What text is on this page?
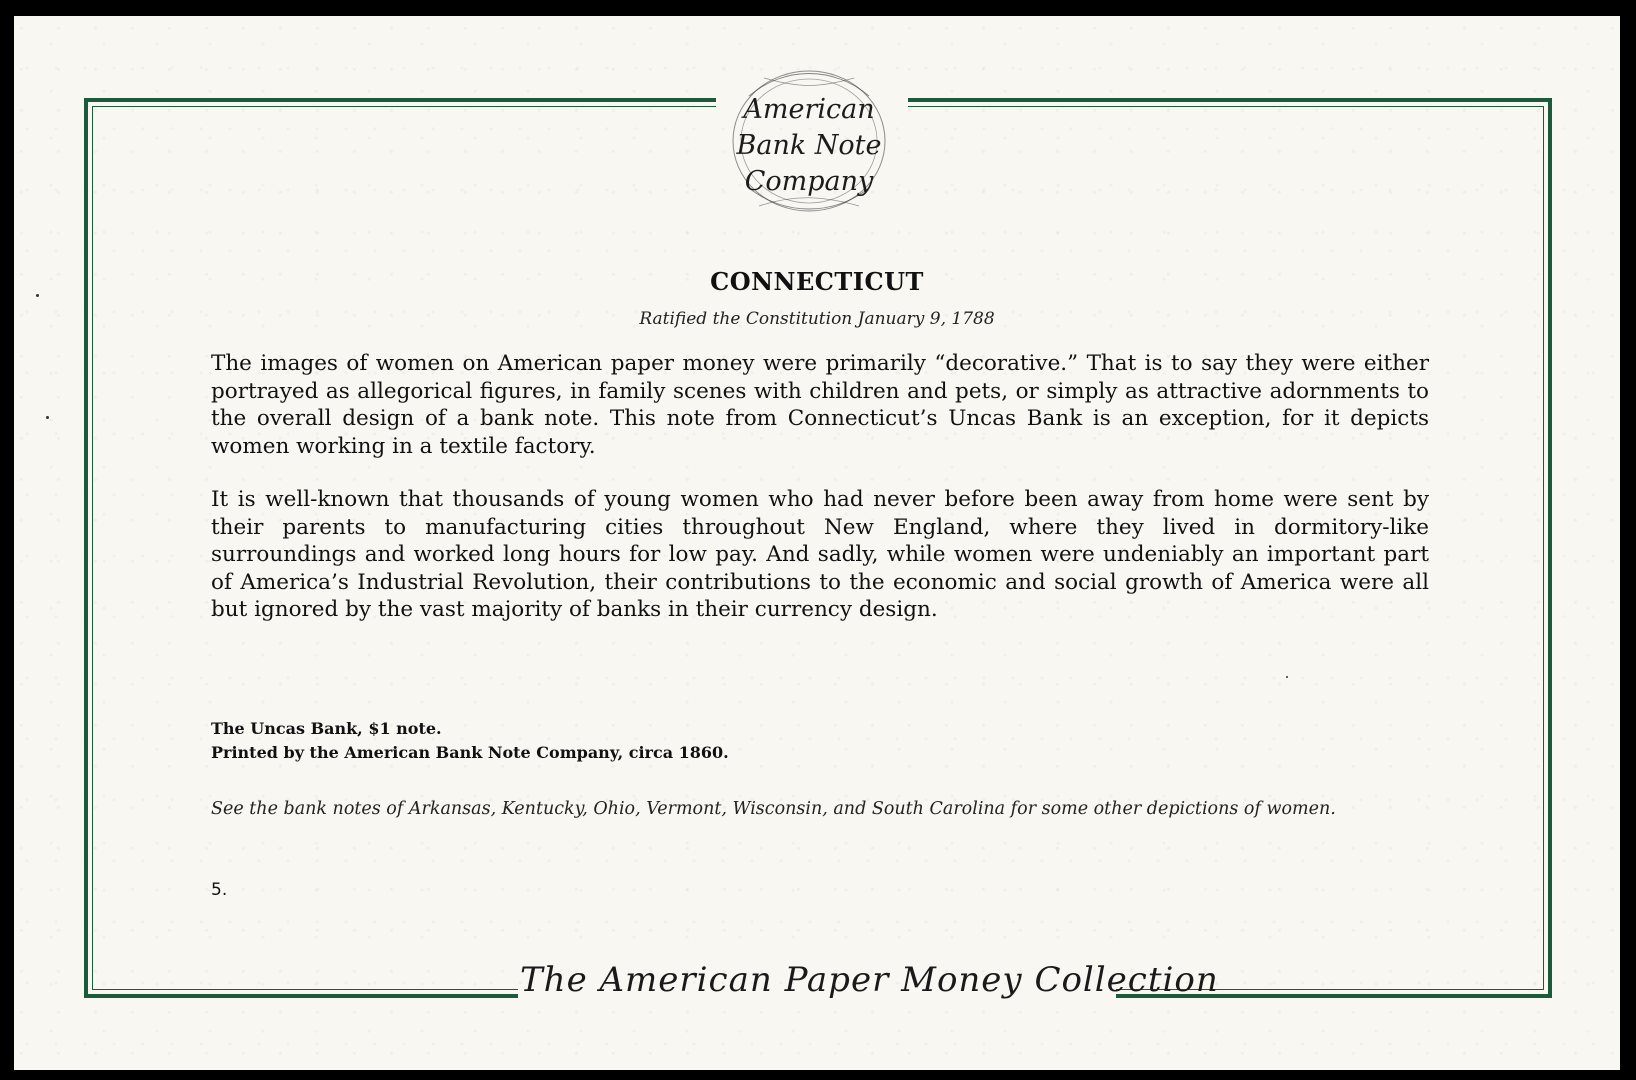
American
Bank Note
Company
CONNECTICUT
Ratified the Constitution January 9, 1788

The images of women on American paper money were primarily “decorative.” That is to say they were either portrayed as allegorical figures, in family scenes with children and pets, or simply as attractive adornments to the overall design of a bank note. This note from Connecticut’s Uncas Bank is an exception, for it depicts women working in a textile factory.

It is well-known that thousands of young women who had never before been away from home were sent by their parents to manufacturing cities throughout New England, where they lived in dormitory-like surroundings and worked long hours for low pay. And sadly, while women were undeniably an important part of America’s Industrial Revolution, their contributions to the economic and social growth of America were all but ignored by the vast majority of banks in their currency design.

The Uncas Bank, $1 note.
Printed by the American Bank Note Company, circa 1860.
See the bank notes of Arkansas, Kentucky, Ohio, Vermont, Wisconsin, and South Carolina for some other depictions of women.
5.
The American Paper Money Collection
